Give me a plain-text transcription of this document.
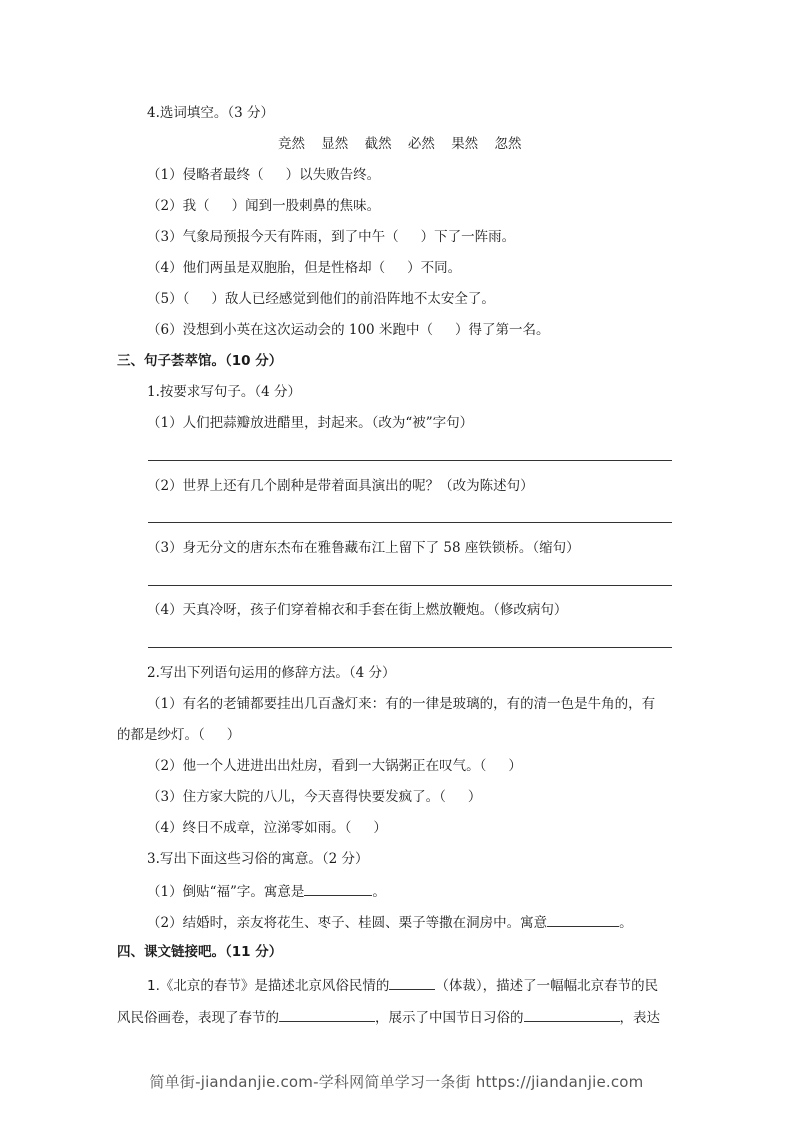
4.选词填空。（3 分）
竞然 显然 截然 必然 果然 忽然
（1）侵略者最终（ ）以失败告终。
（2）我（ ）闻到一股刺鼻的焦味。
（3）气象局预报今天有阵雨，到了中午（ ）下了一阵雨。
（4）他们两虽是双胞胎，但是性格却（ ）不同。
（5）（ ）敌人已经感觉到他们的前沿阵地不太安全了。
（6）没想到小英在这次运动会的 100 米跑中（ ）得了第一名。
三、句子荟萃馆。（10 分）
1.按要求写句子。（4 分）
（1）人们把蒜瓣放进醋里，封起来。（改为“被”字句）
（2）世界上还有几个剧种是带着面具演出的呢？（改为陈述句）
（3）身无分文的唐东杰布在雅鲁藏布江上留下了 58 座铁锁桥。（缩句）
（4）天真冷呀，孩子们穿着棉衣和手套在街上燃放鞭炮。（修改病句）
2.写出下列语句运用的修辞方法。（4 分）
（1）有名的老铺都要挂出几百盏灯来：有的一律是玻璃的，有的清一色是牛角的，有
的都是纱灯。（ ）
（2）他一个人进进出出灶房，看到一大锅粥正在叹气。（ ）
（3）住方家大院的八儿，今天喜得快要发疯了。（ ）
（4）终日不成章，泣涕零如雨。（ ）
3.写出下面这些习俗的寓意。（2 分）
（1）倒贴“福”字。寓意是	。
（2）结婚时，亲友将花生、枣子、桂圆、栗子等撒在洞房中。寓意	。
四、课文链接吧。（11 分）
1.《北京的春节》是描述北京风俗民情的	（体裁），描述了一幅幅北京春节的民
风民俗画卷，表现了春节的	，展示了中国节日习俗的	，表达
简单街-jiandanjie.com-学科网简单学习一条街 https://jiandanjie.com
